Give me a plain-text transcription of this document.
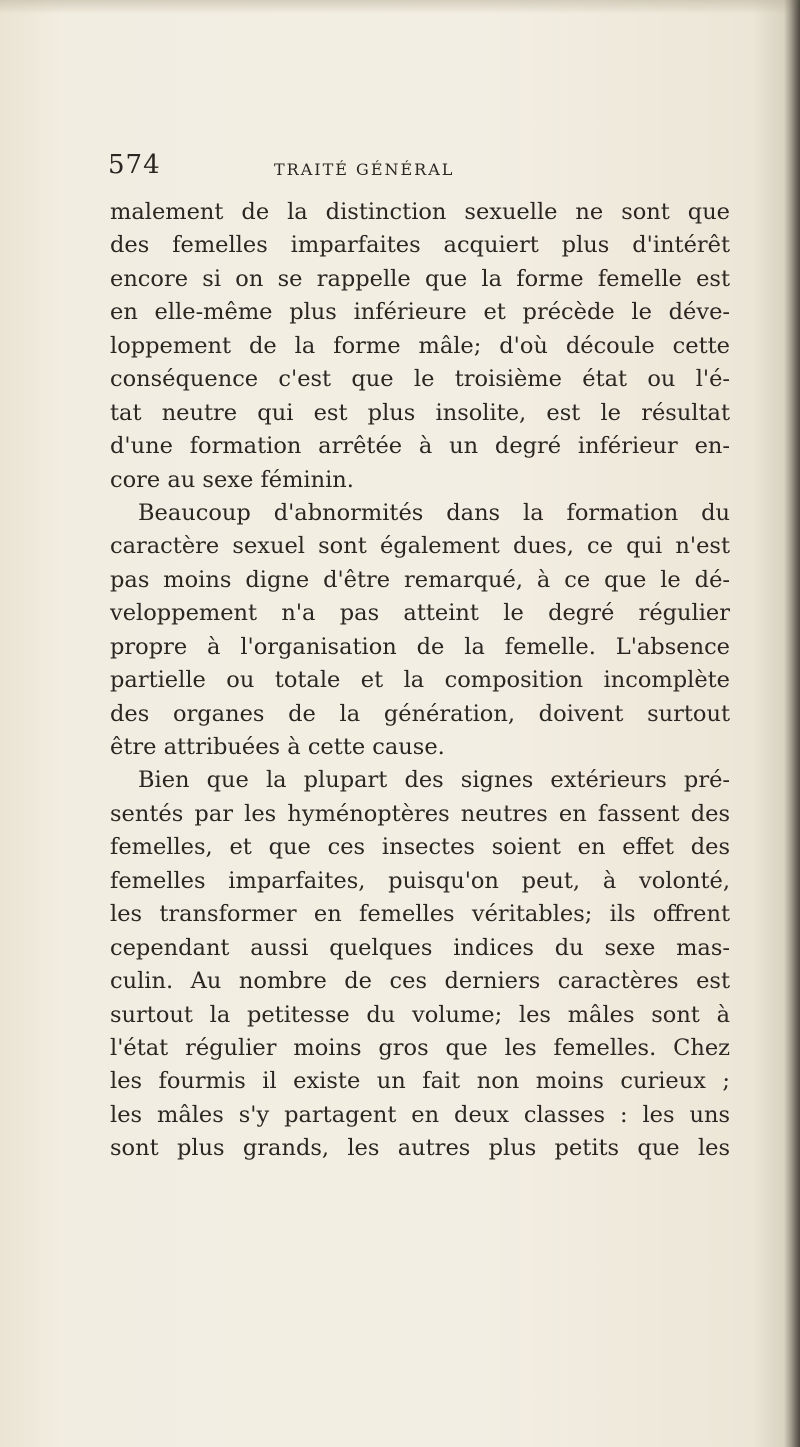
574	TRAITÉ GÉNÉRAL
malement de la distinction sexuelle ne sont que
des femelles imparfaites acquiert plus d'intérêt
encore si on se rappelle que la forme femelle est
en elle-même plus inférieure et précède le déve-
loppement de la forme mâle; d'où découle cette
conséquence c'est que le troisième état ou l'é-
tat neutre qui est plus insolite, est le résultat
d'une formation arrêtée à un degré inférieur en-
core au sexe féminin.
Beaucoup d'abnormités dans la formation du
caractère sexuel sont également dues, ce qui n'est
pas moins digne d'être remarqué, à ce que le dé-
veloppement n'a pas atteint le degré régulier
propre à l'organisation de la femelle. L'absence
partielle ou totale et la composition incomplète
des organes de la génération, doivent surtout
être attribuées à cette cause.
Bien que la plupart des signes extérieurs pré-
sentés par les hyménoptères neutres en fassent des
femelles, et que ces insectes soient en effet des
femelles imparfaites, puisqu'on peut, à volonté,
les transformer en femelles véritables; ils offrent
cependant aussi quelques indices du sexe mas-
culin. Au nombre de ces derniers caractères est
surtout la petitesse du volume; les mâles sont à
l'état régulier moins gros que les femelles. Chez
les fourmis il existe un fait non moins curieux ;
les mâles s'y partagent en deux classes : les uns
sont plus grands, les autres plus petits que les
